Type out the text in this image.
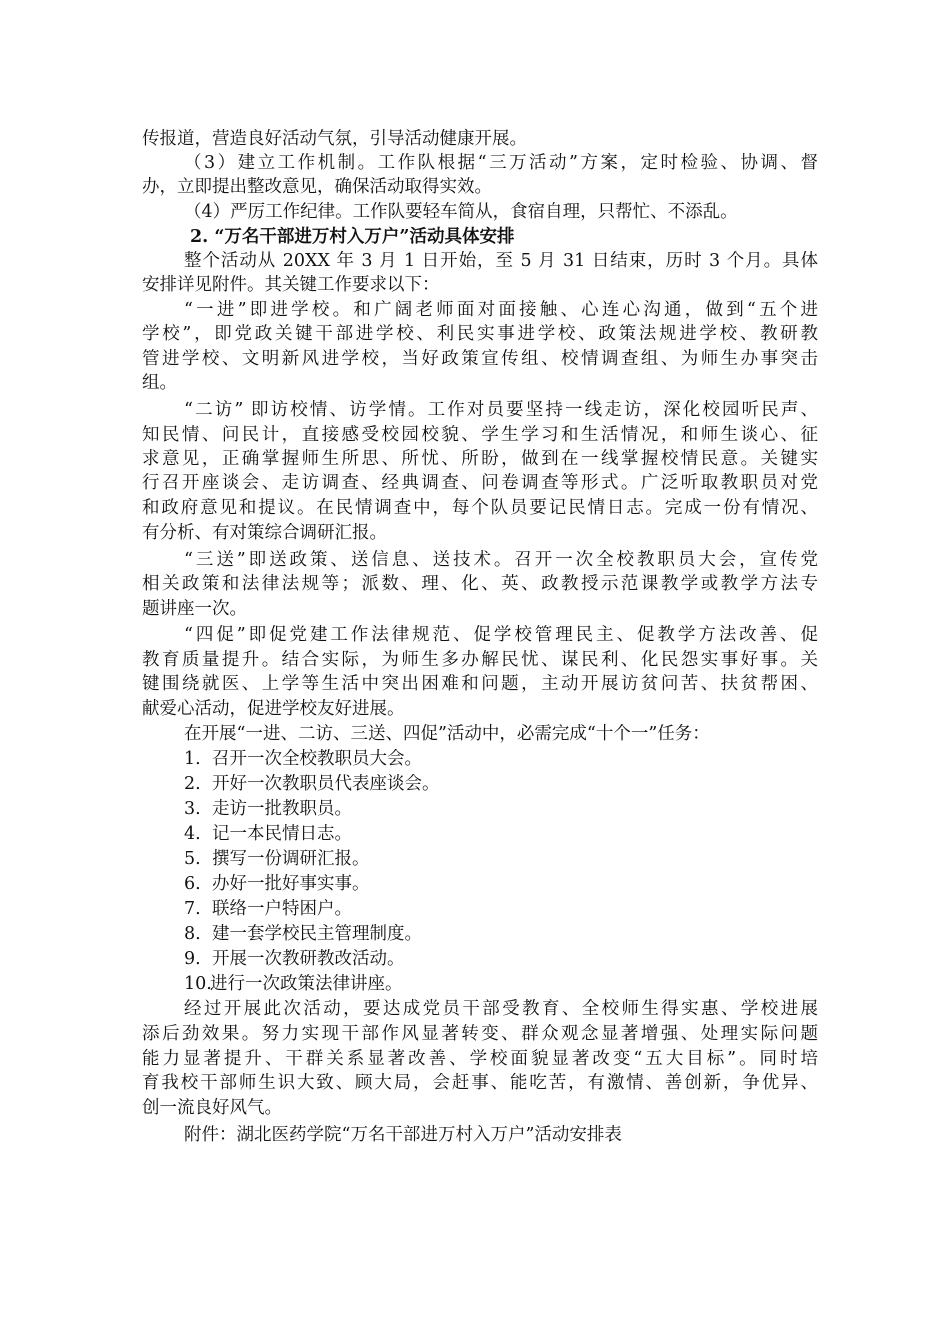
传报道，营造良好活动气氛，引导活动健康开展。
（3）建立工作机制。工作队根据“三万活动”方案，定时检验、协调、督
办，立即提出整改意见，确保活动取得实效。
（4）严厉工作纪律。工作队要轻车简从，食宿自理，只帮忙、不添乱。
2. “万名干部进万村入万户”活动具体安排
整个活动从 20XX 年 3 月 1 日开始，至 5 月 31 日结束，历时 3 个月。具体
安排详见附件。其关键工作要求以下：
“一进”即进学校。和广阔老师面对面接触、心连心沟通，做到“五个进
学校”，即党政关键干部进学校、利民实事进学校、政策法规进学校、教研教
管进学校、文明新风进学校，当好政策宣传组、校情调查组、为师生办事突击
组。
“二访” 即访校情、访学情。工作对员要坚持一线走访，深化校园听民声、
知民情、问民计，直接感受校园校貌、学生学习和生活情况，和师生谈心、征
求意见，正确掌握师生所思、所忧、所盼，做到在一线掌握校情民意。关键实
行召开座谈会、走访调查、经典调查、问卷调查等形式。广泛听取教职员对党
和政府意见和提议。在民情调查中，每个队员要记民情日志。完成一份有情况、
有分析、有对策综合调研汇报。
“三送”即送政策、送信息、送技术。召开一次全校教职员大会，宣传党
相关政策和法律法规等；派数、理、化、英、政教授示范课教学或教学方法专
题讲座一次。
“四促”即促党建工作法律规范、促学校管理民主、促教学方法改善、促
教育质量提升。结合实际，为师生多办解民忧、谋民利、化民怨实事好事。关
键围绕就医、上学等生活中突出困难和问题，主动开展访贫问苦、扶贫帮困、
献爱心活动，促进学校友好进展。
在开展“一进、二访、三送、四促”活动中，必需完成“十个一”任务：
1. 召开一次全校教职员大会。
2. 开好一次教职员代表座谈会。
3. 走访一批教职员。
4. 记一本民情日志。
5. 撰写一份调研汇报。
6. 办好一批好事实事。
7. 联络一户特困户。
8. 建一套学校民主管理制度。
9. 开展一次教研教改活动。
10.进行一次政策法律讲座。
经过开展此次活动，要达成党员干部受教育、全校师生得实惠、学校进展
添后劲效果。努力实现干部作风显著转变、群众观念显著增强、处理实际问题
能力显著提升、干群关系显著改善、学校面貌显著改变“五大目标”。同时培
育我校干部师生识大致、顾大局，会赶事、能吃苦，有激情、善创新，争优异、
创一流良好风气。
附件：湖北医药学院“万名干部进万村入万户”活动安排表
